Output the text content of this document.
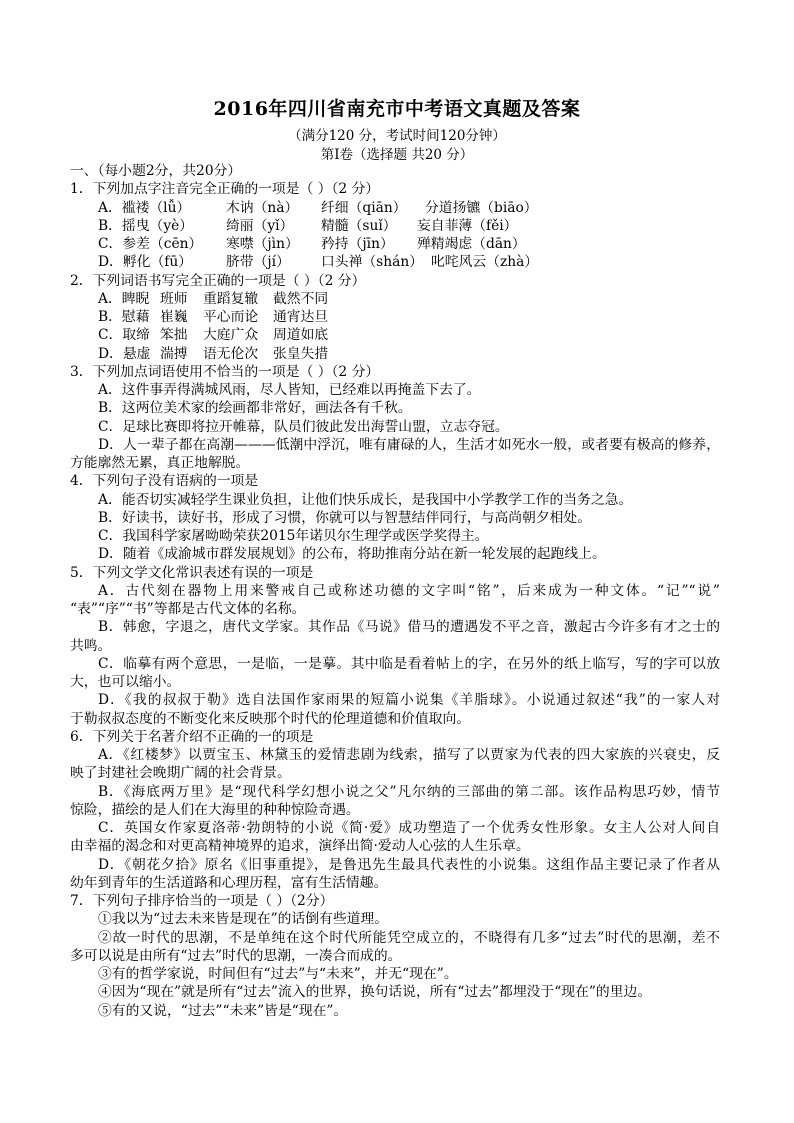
2016年四川省南充市中考语文真题及答案
（满分120 分，考试时间120分钟）
第Ⅰ卷（选择题 共20 分）
一、（每小题2分，共20分）
1．下列加点字注音完全正确的一项是（ ）（2 分）
A．褴褛（lǚ）	木讷（nà）	纤细（qiān）	分道扬镳（biāo）
B．摇曳（yè）	绮丽（yǐ）	精髓（suǐ）	妄自菲薄（fěi）
C．参差（cēn）	寒噤（jìn）	矜持（jīn）	殚精竭虑（dān）
D．孵化（fū）	脐带（jí）	口头禅（shán） 叱咤风云（zhà）
2．下列词语书写完全正确的一项是（ ）（2 分）
A．睥睨 班师	重蹈复辙	截然不同
B．慰藉 崔巍	平心而论	通宵达旦
C．取缔 笨拙	大庭广众	周道如底
D．悬虚 湍搏	语无伦次	张皇失措
3．下列加点词语使用不恰当的一项是（ ）（2 分）
A．这件事弄得满城风雨，尽人皆知，已经难以再掩盖下去了。
B．这两位美术家的绘画都非常好，画法各有千秋。
C．足球比赛即将拉开帷幕，队员们彼此发出海誓山盟，立志夺冠。
D．人一辈子都在高潮———低潮中浮沉，唯有庸碌的人，生活才如死水一般，或者要有极高的修养，
方能廓然无累，真正地解脱。
4．下列句子没有语病的一项是
A．能否切实减轻学生课业负担，让他们快乐成长，是我国中小学教学工作的当务之急。
B．好读书，读好书，形成了习惯，你就可以与智慧结伴同行，与高尚朝夕相处。
C．我国科学家屠呦呦荣获2015年诺贝尔生理学或医学奖得主。
D．随着《成渝城市群发展规划》的公布，将助推南分站在新一轮发展的起跑线上。
5．下列文学文化常识表述有误的一项是
A．古代刻在器物上用来警戒自己或称述功德的文字叫“铭”，后来成为一种文体。“记”“说”
“表”“序”“书”等都是古代文体的名称。
B．韩愈，字退之，唐代文学家。其作品《马说》借马的遭遇发不平之音，激起古今许多有才之士的
共鸣。
C．临摹有两个意思，一是临，一是摹。其中临是看着帖上的字，在另外的纸上临写，写的字可以放
大，也可以缩小。
D．《我的叔叔于勒》选自法国作家雨果的短篇小说集《羊脂球》。小说通过叙述“我”的一家人对
于勒叔叔态度的不断变化来反映那个时代的伦理道德和价值取向。
6．下列关于名著介绍不正确的一的项是
A．《红楼梦》以贾宝玉、林黛玉的爱情悲剧为线索，描写了以贾家为代表的四大家族的兴衰史，反
映了封建社会晚期广阔的社会背景。
B．《海底两万里》是“现代科学幻想小说之父”凡尔纳的三部曲的第二部。该作品构思巧妙，情节
惊险，描绘的是人们在大海里的种种惊险奇遇。
C．英国女作家夏洛蒂·勃朗特的小说《简·爱》成功塑造了一个优秀女性形象。女主人公对人间自
由幸福的渴念和对更高精神境界的追求，演绎出简·爱动人心弦的人生乐章。
D．《朝花夕拾》原名《旧事重提》，是鲁迅先生最具代表性的小说集。这组作品主要记录了作者从
幼年到青年的生活道路和心理历程，富有生活情趣。
7．下列句子排序恰当的一项是（ ）（2分）
①我以为“过去未来皆是现在”的话倒有些道理。
②故一时代的思潮，不是单纯在这个时代所能凭空成立的，不晓得有几多“过去”时代的思潮，差不
多可以说是由所有“过去”时代的思潮，一凑合而成的。
③有的哲学家说，时间但有“过去”与“未来”，并无“现在”。
④因为“现在”就是所有“过去”流入的世界，换句话说，所有“过去”都埋没于“现在”的里边。
⑤有的又说，“过去”“未来”皆是“现在”。
